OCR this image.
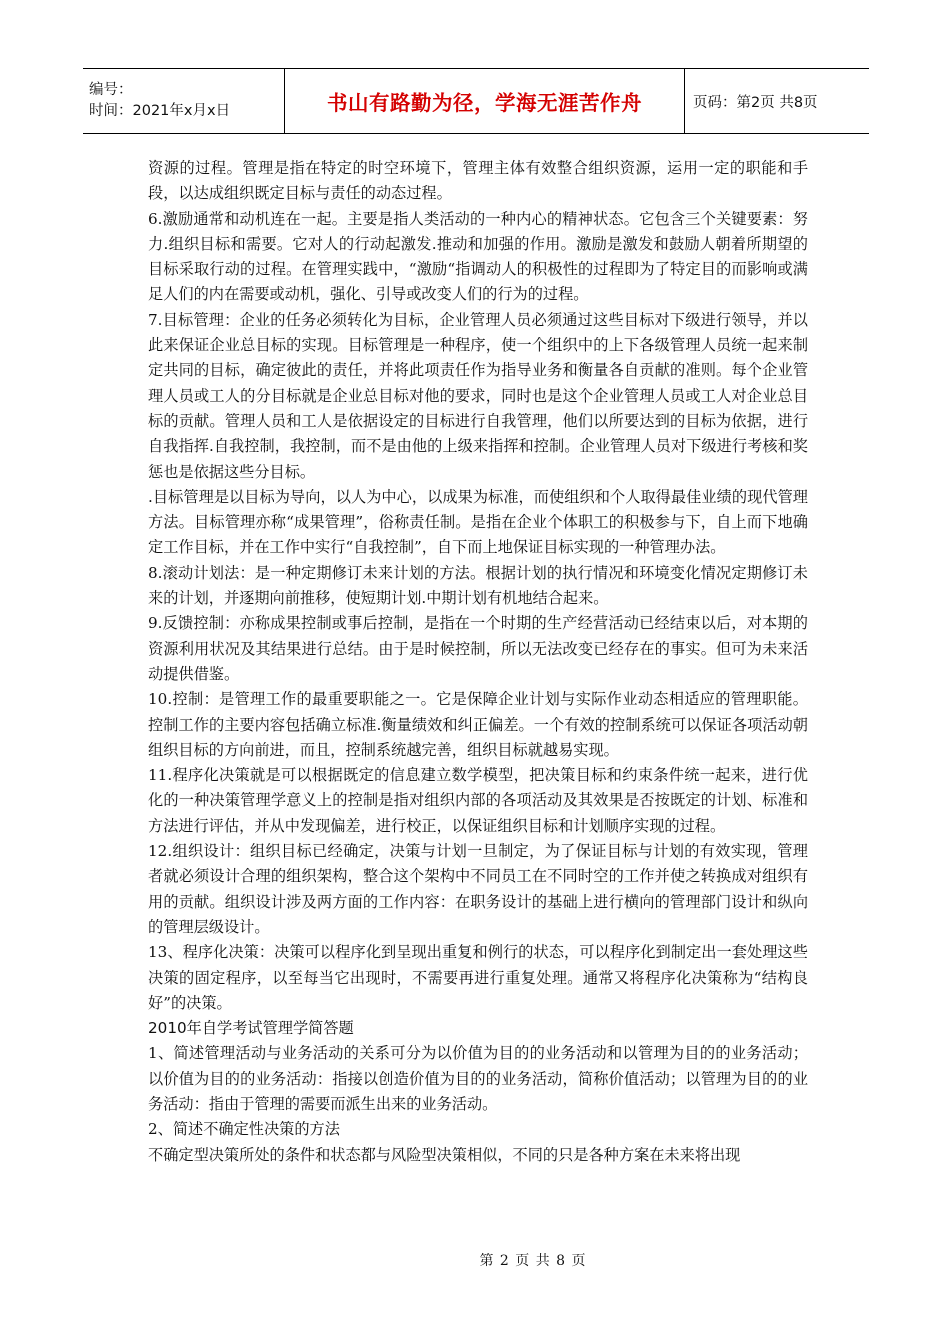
编号：
时间：2021年x月x日	书山有路勤为径，学海无涯苦作舟	页码：第2页 共8页

资源的过程。管理是指在特定的时空环境下，管理主体有效整合组织资源，运用一定的职能和手段，以达成组织既定目标与责任的动态过程。

6.激励通常和动机连在一起。主要是指人类活动的一种内心的精神状态。它包含三个关键要素：努力.组织目标和需要。它对人的行动起激发.推动和加强的作用。激励是激发和鼓励人朝着所期望的目标采取行动的过程。在管理实践中，“激励“指调动人的积极性的过程即为了特定目的而影响或满足人们的内在需要或动机，强化、引导或改变人们的行为的过程。

7.目标管理：企业的任务必须转化为目标，企业管理人员必须通过这些目标对下级进行领导，并以此来保证企业总目标的实现。目标管理是一种程序，使一个组织中的上下各级管理人员统一起来制定共同的目标，确定彼此的责任，并将此项责任作为指导业务和衡量各自贡献的准则。每个企业管理人员或工人的分目标就是企业总目标对他的要求，同时也是这个企业管理人员或工人对企业总目标的贡献。管理人员和工人是依据设定的目标进行自我管理，他们以所要达到的目标为依据，进行自我指挥.自我控制，我控制，而不是由他的上级来指挥和控制。企业管理人员对下级进行考核和奖惩也是依据这些分目标。

.目标管理是以目标为导向，以人为中心，以成果为标准，而使组织和个人取得最佳业绩的现代管理方法。目标管理亦称“成果管理”，俗称责任制。是指在企业个体职工的积极参与下，自上而下地确定工作目标，并在工作中实行“自我控制”，自下而上地保证目标实现的一种管理办法。

8.滚动计划法：是一种定期修订未来计划的方法。根据计划的执行情况和环境变化情况定期修订未来的计划，并逐期向前推移，使短期计划.中期计划有机地结合起来。

9.反馈控制：亦称成果控制或事后控制，是指在一个时期的生产经营活动已经结束以后，对本期的资源利用状况及其结果进行总结。由于是时候控制，所以无法改变已经存在的事实。但可为未来活动提供借鉴。

10.控制：是管理工作的最重要职能之一。它是保障企业计划与实际作业动态相适应的管理职能。控制工作的主要内容包括确立标准.衡量绩效和纠正偏差。一个有效的控制系统可以保证各项活动朝组织目标的方向前进，而且，控制系统越完善，组织目标就越易实现。

11.程序化决策就是可以根据既定的信息建立数学模型，把决策目标和约束条件统一起来，进行优化的一种决策管理学意义上的控制是指对组织内部的各项活动及其效果是否按既定的计划、标准和方法进行评估，并从中发现偏差，进行校正，以保证组织目标和计划顺序实现的过程。

12.组织设计：组织目标已经确定，决策与计划一旦制定，为了保证目标与计划的有效实现，管理者就必须设计合理的组织架构，整合这个架构中不同员工在不同时空的工作并使之转换成对组织有用的贡献。组织设计涉及两方面的工作内容：在职务设计的基础上进行横向的管理部门设计和纵向的管理层级设计。

13、程序化决策：决策可以程序化到呈现出重复和例行的状态，可以程序化到制定出一套处理这些决策的固定程序，以至每当它出现时，不需要再进行重复处理。通常又将程序化决策称为“结构良好”的决策。

2010年自学考试管理学简答题

1、简述管理活动与业务活动的关系可分为以价值为目的的业务活动和以管理为目的的业务活动；以价值为目的的业务活动：指接以创造价值为目的的业务活动，简称价值活动；以管理为目的的业务活动：指由于管理的需要而派生出来的业务活动。

2、简述不确定性决策的方法

不确定型决策所处的条件和状态都与风险型决策相似，不同的只是各种方案在未来将出现

第 2 页 共 8 页
